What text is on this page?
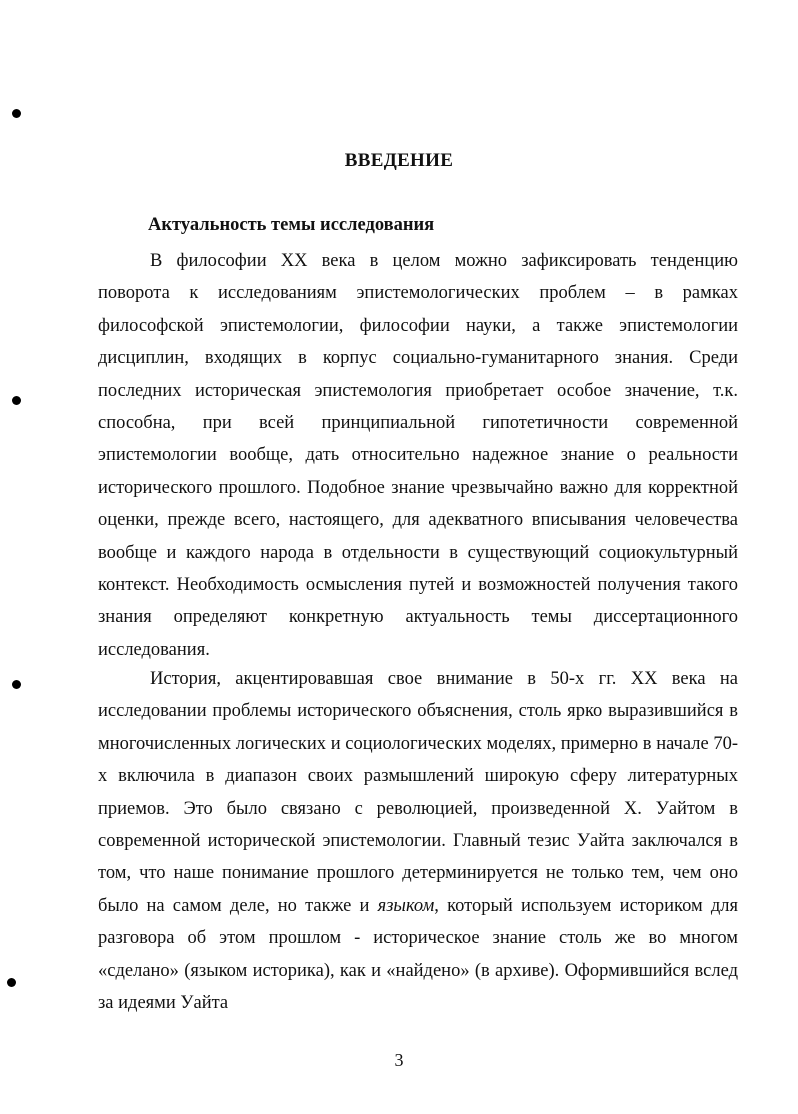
ВВЕДЕНИЕ
Актуальность темы исследования

В философии XX века в целом можно зафиксировать тенденцию поворота к исследованиям эпистемологических проблем – в рамках философской эпистемологии, философии науки, а также эпистемологии дисциплин, входящих в корпус социально-гуманитарного знания. Среди последних историческая эпистемология приобретает особое значение, т.к. способна, при всей принципиальной гипотетичности современной эпистемологии вообще, дать относительно надежное знание о реальности исторического прошлого. Подобное знание чрезвычайно важно для корректной оценки, прежде всего, настоящего, для адекватного вписывания человечества вообще и каждого народа в отдельности в существующий социокультурный контекст. Необходимость осмысления путей и возможностей получения такого знания определяют конкретную актуальность темы диссертационного исследования.

История, акцентировавшая свое внимание в 50-х гг. XX века на исследовании проблемы исторического объяснения, столь ярко выразившийся в многочисленных логических и социологических моделях, примерно в начале 70-х включила в диапазон своих размышлений широкую сферу литературных приемов. Это было связано с революцией, произведенной Х. Уайтом в современной исторической эпистемологии. Главный тезис Уайта заключался в том, что наше понимание прошлого детерминируется не только тем, чем оно было на самом деле, но также и языком, который используем историком для разговора об этом прошлом - историческое знание столь же во многом «сделано» (языком историка), как и «найдено» (в архиве). Оформившийся вслед за идеями Уайта

3
